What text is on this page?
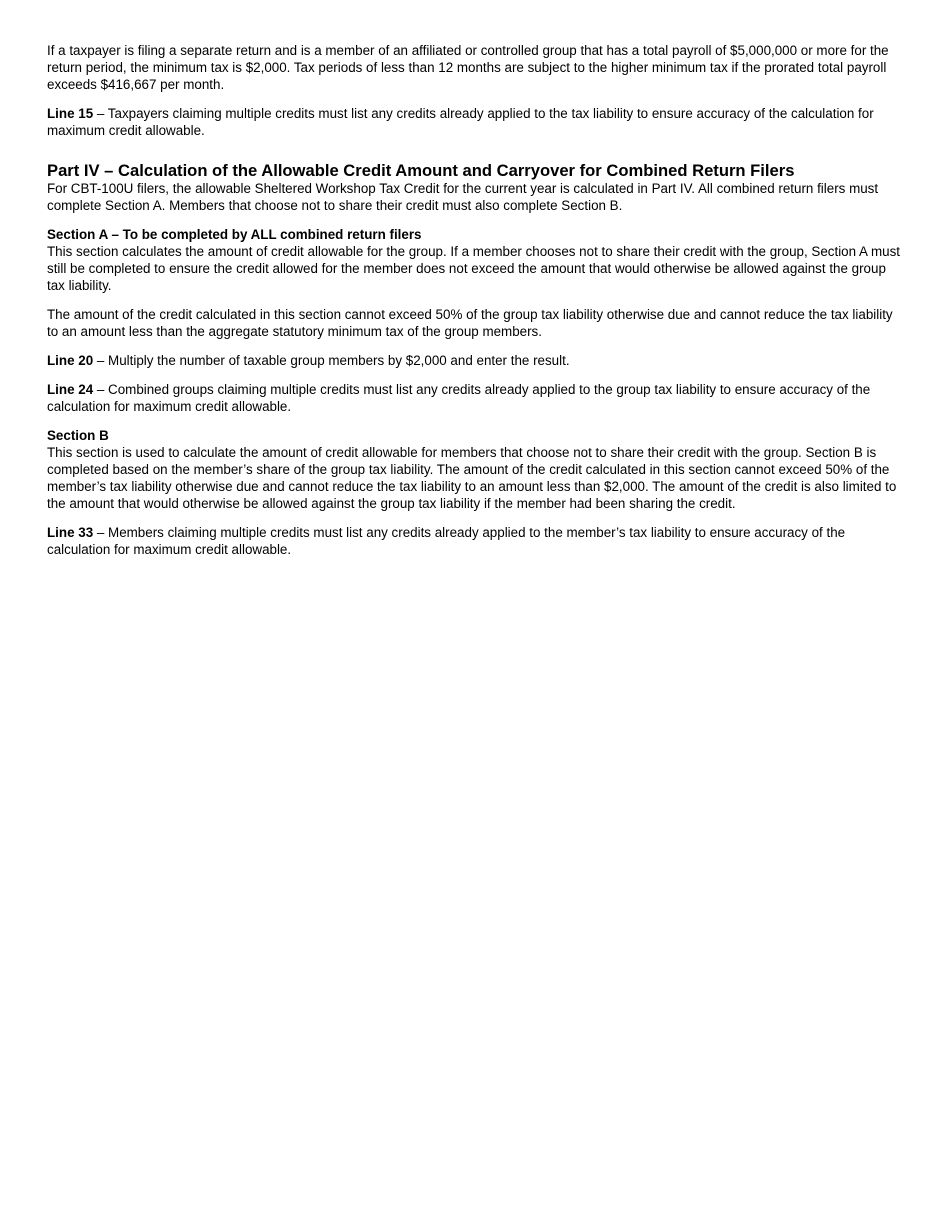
If a taxpayer is filing a separate return and is a member of an affiliated or controlled group that has a total payroll of $5,000,000 or more for the return period, the minimum tax is $2,000. Tax periods of less than 12 months are subject to the higher minimum tax if the prorated total payroll exceeds $416,667 per month.

Line 15 – Taxpayers claiming multiple credits must list any credits already applied to the tax liability to ensure accuracy of the calculation for maximum credit allowable.

Part IV – Calculation of the Allowable Credit Amount and Carryover for Combined Return Filers

For CBT-100U filers, the allowable Sheltered Workshop Tax Credit for the current year is calculated in Part IV. All combined return filers must complete Section A. Members that choose not to share their credit must also complete Section B.

Section A – To be completed by ALL combined return filers

This section calculates the amount of credit allowable for the group. If a member chooses not to share their credit with the group, Section A must still be completed to ensure the credit allowed for the member does not exceed the amount that would otherwise be allowed against the group tax liability.

The amount of the credit calculated in this section cannot exceed 50% of the group tax liability otherwise due and cannot reduce the tax liability to an amount less than the aggregate statutory minimum tax of the group members.

Line 20 – Multiply the number of taxable group members by $2,000 and enter the result.

Line 24 – Combined groups claiming multiple credits must list any credits already applied to the group tax liability to ensure accuracy of the calculation for maximum credit allowable.

Section B

This section is used to calculate the amount of credit allowable for members that choose not to share their credit with the group. Section B is completed based on the member’s share of the group tax liability. The amount of the credit calculated in this section cannot exceed 50% of the member’s tax liability otherwise due and cannot reduce the tax liability to an amount less than $2,000. The amount of the credit is also limited to the amount that would otherwise be allowed against the group tax liability if the member had been sharing the credit.

Line 33 – Members claiming multiple credits must list any credits already applied to the member’s tax liability to ensure accuracy of the calculation for maximum credit allowable.
